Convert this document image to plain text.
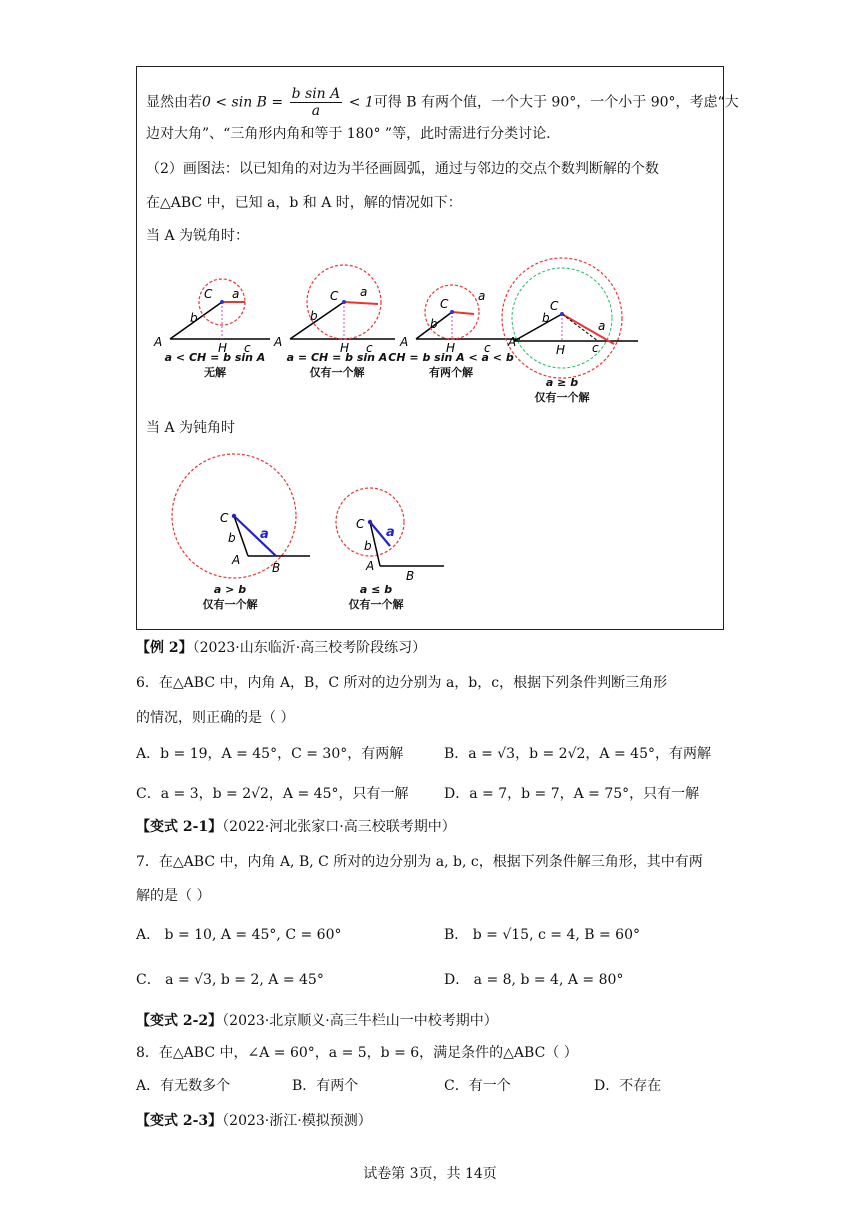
显然由若$0 < \sin B = \frac{\text{b sin A}}{a} < 1$可得 B 有两个值，一个大于 90°，一个小于 90°，考虑“大
边对大角”、“三角形内角和等于 180° ”等，此时需进行分类讨论.
（2）画图法：以已知角的对边为半径画圆弧，通过与邻边的交点个数判断解的个数
在△ABC 中，已知 a，b 和 A 时，解的情况如下：
当 A 为锐角时：
A
C a
b
H c A
C a
b
H c A
C
a
b
H c A
C
a
b
H c
a < CH = b sin A
无解
a = CH = b sin A
仅有一个解
CH = b sin A < a < b
有两个解
a ≥ b
仅有一个解
当 A 为钝角时
C
b a
A
B
C
b
a
A
B
a > b
仅有一个解
a ≤ b
仅有一个解
【例 2】（2023·山东临沂·高三校考阶段练习）
6．在△ABC 中，内角 A，B，C 所对的边分别为 a，b，c，根据下列条件判断三角形
的情况，则正确的是（ ）
A．b = 19，A = 45°，C = 30°，有两解	B．a = √3，b = 2√2，A = 45°，有两解
C．a = 3，b = 2√2，A = 45°，只有一解	D．a = 7，b = 7，A = 75°，只有一解
【变式 2-1】（2022·河北张家口·高三校联考期中）
7．在△ABC 中，内角 A, B, C 所对的边分别为 a, b, c，根据下列条件解三角形，其中有两
解的是（ ）
A． b = 10, A = 45°, C = 60°	B． b = √15, c = 4, B = 60°
C． a = √3, b = 2, A = 45°	D． a = 8, b = 4, A = 80°
【变式 2-2】（2023·北京顺义·高三牛栏山一中校考期中）
8．在△ABC 中，∠A = 60°，a = 5，b = 6，满足条件的△ABC（ ）
A．有无数多个	B．有两个	C．有一个	D．不存在
【变式 2-3】（2023·浙江·模拟预测）
试卷第 3页，共 14页
